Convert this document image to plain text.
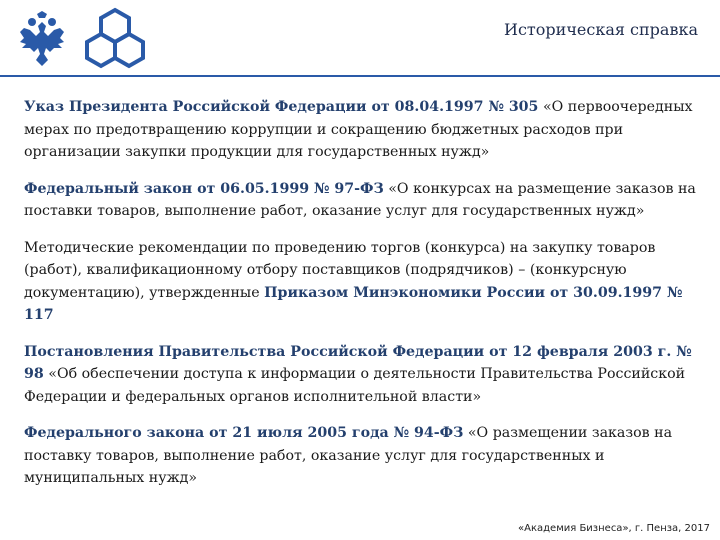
Историческая справка

Указ Президента Российской Федерации от 08.04.1997 № 305 «О первоочередных мерах по предотвращению коррупции и сокращению бюджетных расходов при организации закупки продукции для государственных нужд»

Федеральный закон от 06.05.1999 № 97-ФЗ «О конкурсах на размещение заказов на поставки товаров, выполнение работ, оказание услуг для государственных нужд»

Методические рекомендации по проведению торгов (конкурса) на закупку товаров (работ), квалификационному отбору поставщиков (подрядчиков) – (конкурсную документацию), утвержденные Приказом Минэкономики России от 30.09.1997 № 117

Постановления Правительства Российской Федерации от 12 февраля 2003 г. № 98 «Об обеспечении доступа к информации о деятельности Правительства Российской Федерации и федеральных органов исполнительной власти»

Федерального закона от 21 июля 2005 года № 94-ФЗ «О размещении заказов на поставку товаров, выполнение работ, оказание услуг для государственных и муниципальных нужд»

«Академия Бизнеса», г. Пенза, 2017
